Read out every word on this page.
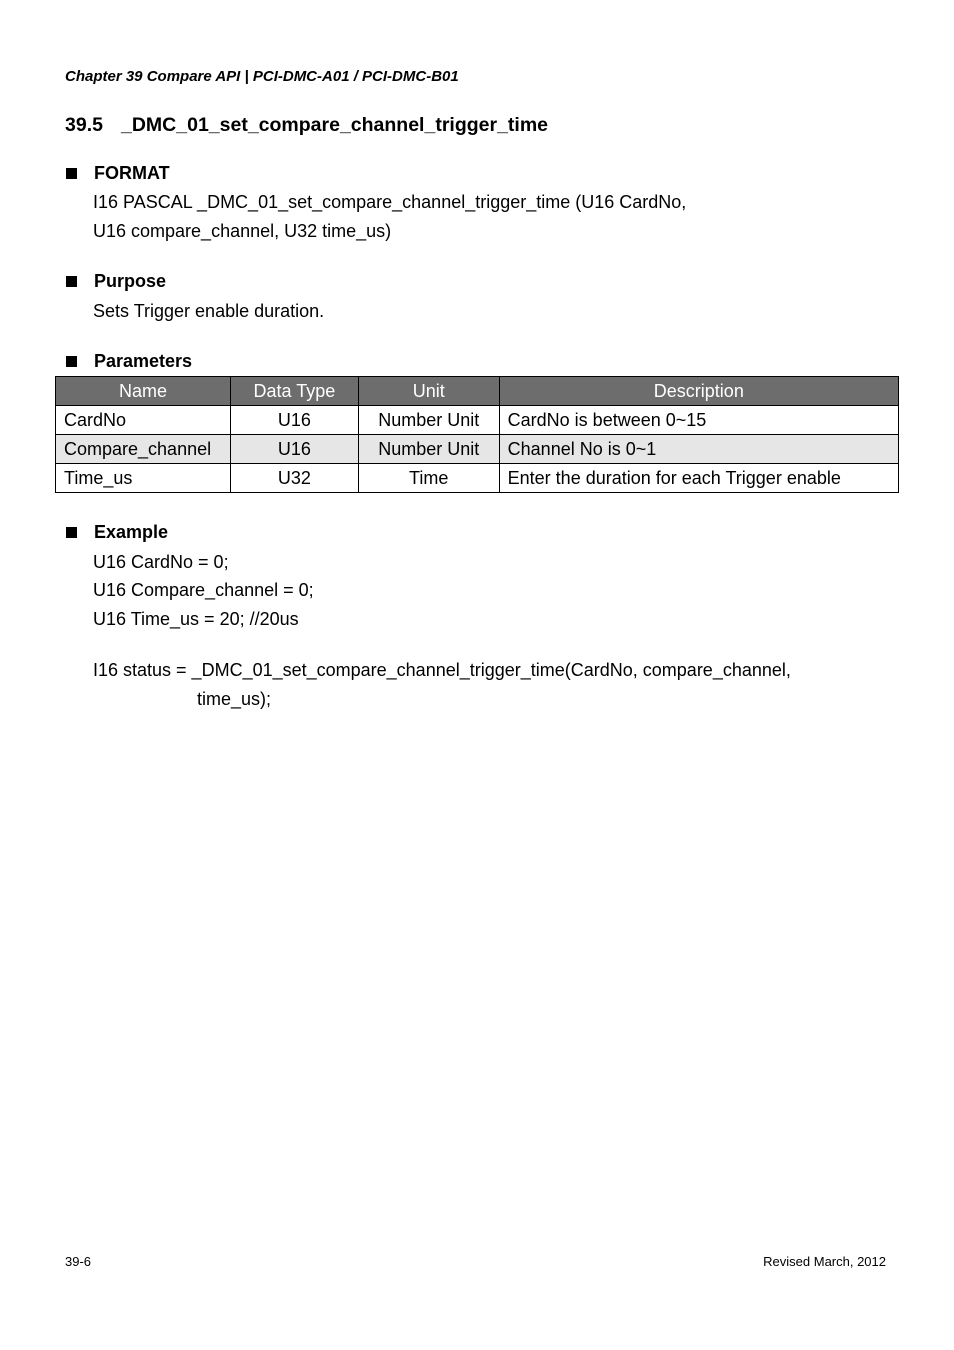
Chapter 39 Compare API | PCI-DMC-A01 / PCI-DMC-B01
39.5 _DMC_01_set_compare_channel_trigger_time
FORMAT
I16 PASCAL _DMC_01_set_compare_channel_trigger_time (U16 CardNo,
U16 compare_channel, U32 time_us)
Purpose
Sets Trigger enable duration.
Parameters
Name	Data Type	Unit	Description
CardNo	U16	Number Unit	CardNo is between 0~15
Compare_channel	U16	Number Unit	Channel No is 0~1
Time_us	U32	Time	Enter the duration for each Trigger enable
Example
U16 CardNo = 0;
U16 Compare_channel = 0;
U16 Time_us = 20; //20us
I16 status = _DMC_01_set_compare_channel_trigger_time(CardNo, compare_channel,
time_us);
39-6	Revised March, 2012
